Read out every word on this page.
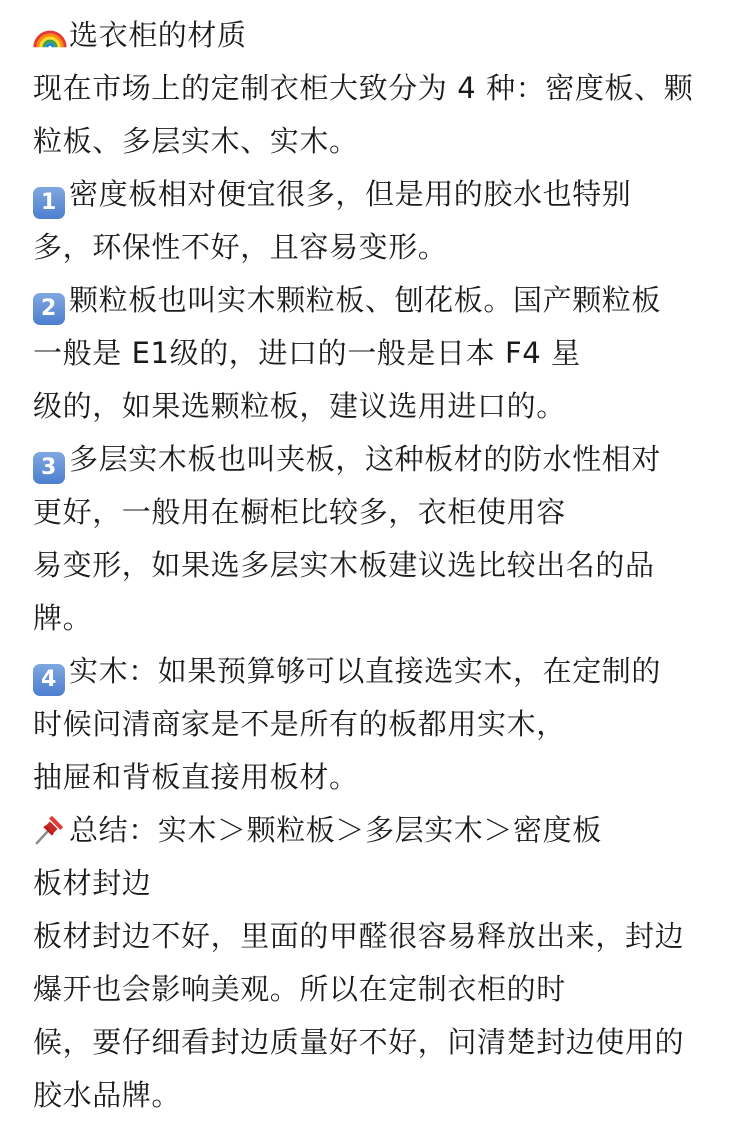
选衣柜的材质
现在市场上的定制衣柜大致分为 4 种：密度板、颗
粒板、多层实木、实木。
1 密度板相对便宜很多，但是用的胶水也特别
多，环保性不好，且容易变形。
2 颗粒板也叫实木颗粒板、刨花板。国产颗粒板
一般是 E1级的，进口的一般是日本 F4 星
级的，如果选颗粒板，建议选用进口的。
3 多层实木板也叫夹板，这种板材的防水性相对
更好，一般用在橱柜比较多，衣柜使用容
易变形，如果选多层实木板建议选比较出名的品
牌。
4 实木：如果预算够可以直接选实木，在定制的
时候问清商家是不是所有的板都用实木，
抽屉和背板直接用板材。
总结：实木＞颗粒板＞多层实木＞密度板
板材封边
板材封边不好，里面的甲醛很容易释放出来，封边
爆开也会影响美观。所以在定制衣柜的时
候，要仔细看封边质量好不好，问清楚封边使用的
胶水品牌。
